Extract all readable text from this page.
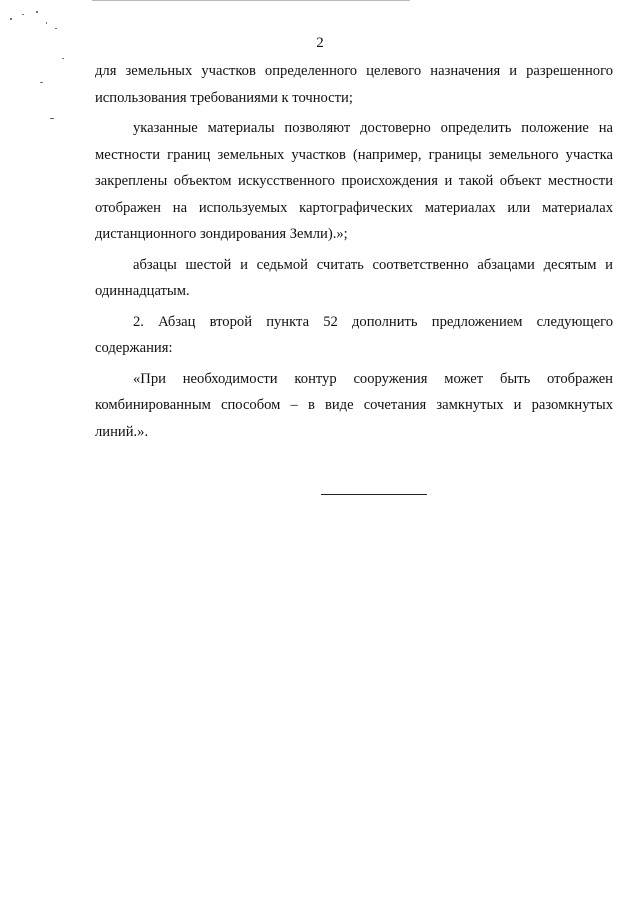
2

для земельных участков определенного целевого назначения и разрешенного использования требованиями к точности;

указанные материалы позволяют достоверно определить положение на местности границ земельных участков (например, границы земельного участка закреплены объектом искусственного происхождения и такой объект местности отображен на используемых картографических материалах или материалах дистанционного зондирования Земли).»;

абзацы шестой и седьмой считать соответственно абзацами десятым и одиннадцатым.

2. Абзац второй пункта 52 дополнить предложением следующего содержания:

«При необходимости контур сооружения может быть отображен комбинированным способом – в виде сочетания замкнутых и разомкнутых линий.».
